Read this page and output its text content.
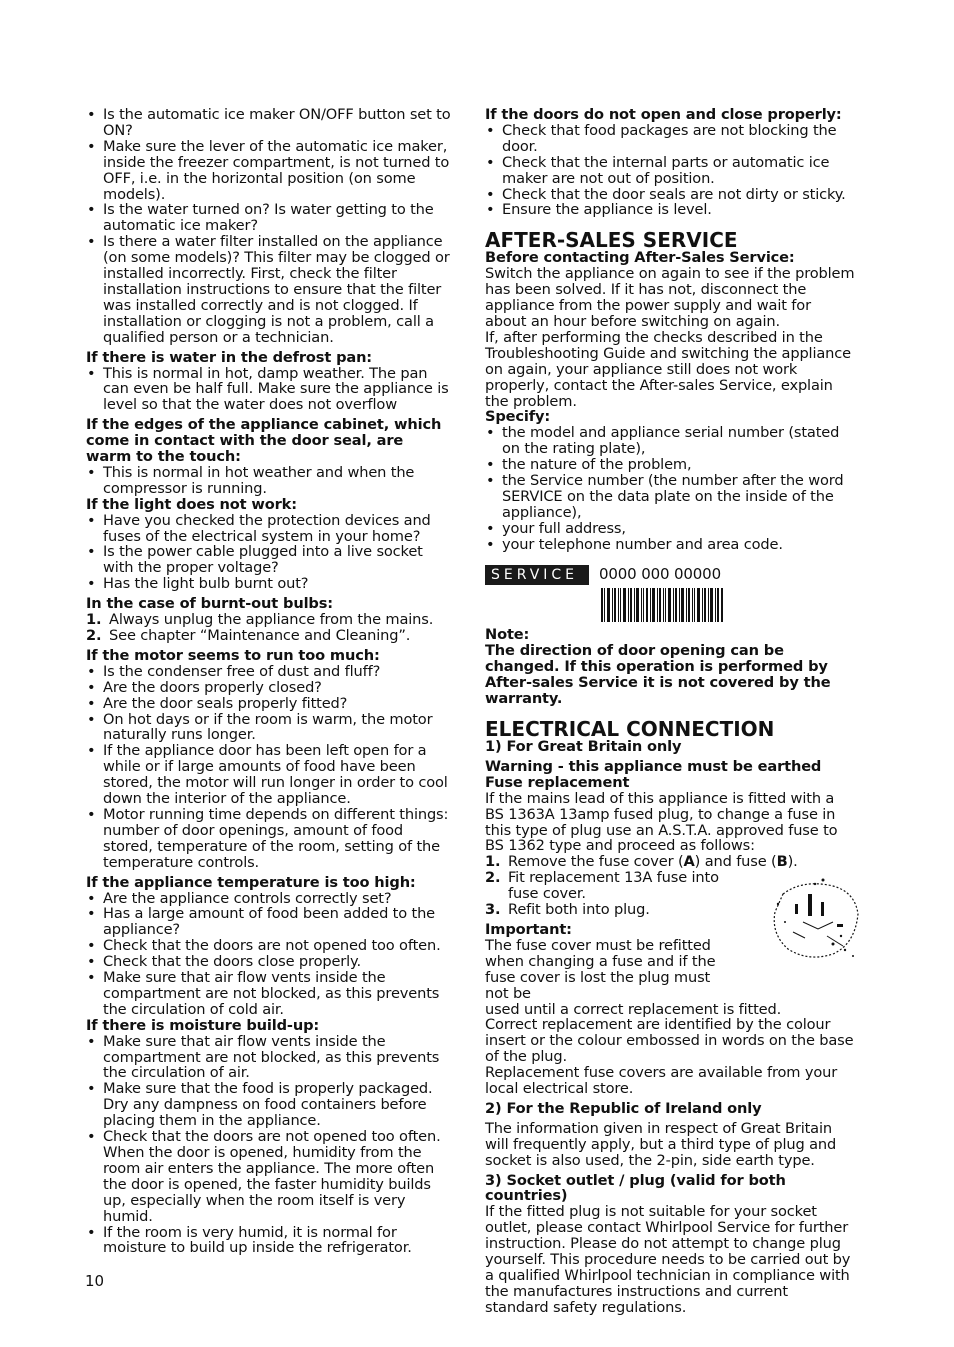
• Is the automatic ice maker ON/OFF button set to ON?
• Make sure the lever of the automatic ice maker, inside the freezer compartment, is not turned to OFF, i.e. in the horizontal position (on some models).
• Is the water turned on? Is water getting to the automatic ice maker?
• Is there a water filter installed on the appliance (on some models)? This filter may be clogged or installed incorrectly. First, check the filter installation instructions to ensure that the filter was installed correctly and is not clogged. If installation or clogging is not a problem, call a qualified person or a technician.

If there is water in the defrost pan:

• This is normal in hot, damp weather. The pan can even be half full. Make sure the appliance is level so that the water does not overflow

If the edges of the appliance cabinet, which come in contact with the door seal, are warm to the touch:

• This is normal in hot weather and when the compressor is running.

If the light does not work:

• Have you checked the protection devices and fuses of the electrical system in your home?
• Is the power cable plugged into a live socket with the proper voltage?
• Has the light bulb burnt out?

In the case of burnt-out bulbs:

1. Always unplug the appliance from the mains.
2. See chapter “Maintenance and Cleaning”.

If the motor seems to run too much:

• Is the condenser free of dust and fluff?
• Are the doors properly closed?
• Are the door seals properly fitted?
• On hot days or if the room is warm, the motor naturally runs longer.
• If the appliance door has been left open for a while or if large amounts of food have been stored, the motor will run longer in order to cool down the interior of the appliance.
• Motor running time depends on different things: number of door openings, amount of food stored, temperature of the room, setting of the temperature controls.

If the appliance temperature is too high:

• Are the appliance controls correctly set?
• Has a large amount of food been added to the appliance?
• Check that the doors are not opened too often.
• Check that the doors close properly.
• Make sure that air flow vents inside the compartment are not blocked, as this prevents the circulation of cold air.

If there is moisture build-up:

• Make sure that air flow vents inside the compartment are not blocked, as this prevents the circulation of air.
• Make sure that the food is properly packaged. Dry any dampness on food containers before placing them in the appliance.
• Check that the doors are not opened too often. When the door is opened, humidity from the room air enters the appliance. The more often the door is opened, the faster humidity builds up, especially when the room itself is very humid.
• If the room is very humid, it is normal for moisture to build up inside the refrigerator.

If the doors do not open and close properly:

• Check that food packages are not blocking the door.
• Check that the internal parts or automatic ice maker are not out of position.
• Check that the door seals are not dirty or sticky.
• Ensure the appliance is level.
AFTER-SALES SERVICE

Before contacting After-Sales Service:

Switch the appliance on again to see if the problem has been solved. If it has not, disconnect the appliance from the power supply and wait for about an hour before switching on again.

If, after performing the checks described in the Troubleshooting Guide and switching the appliance on again, your appliance still does not work properly, contact the After-sales Service, explain the problem.

Specify:

• the model and appliance serial number (stated on the rating plate),
• the nature of the problem,
• the Service number (the number after the word SERVICE on the data plate on the inside of the appliance),
• your full address,
• your telephone number and area code.
SERVICE	0000 000 00000

Note:

The direction of door opening can be changed. If this operation is performed by After-sales Service it is not covered by the warranty.

ELECTRICAL CONNECTION

1) For Great Britain only

Warning - this appliance must be earthed

Fuse replacement

If the mains lead of this appliance is fitted with a BS 1363A 13amp fused plug, to change a fuse in this type of plug use an A.S.T.A. approved fuse to BS 1362 type and proceed as follows:

1. Remove the fuse cover (A) and fuse (B).
2. Fit replacement 13A fuse into fuse cover.
3. Refit both into plug.

Important:

The fuse cover must be refitted when changing a fuse and if the fuse cover is lost the plug must not be

used until a correct replacement is fitted.

Correct replacement are identified by the colour insert or the colour embossed in words on the base of the plug.

Replacement fuse covers are available from your local electrical store.

2) For the Republic of Ireland only

The information given in respect of Great Britain will frequently apply, but a third type of plug and socket is also used, the 2-pin, side earth type.

3) Socket outlet / plug (valid for both countries)

If the fitted plug is not suitable for your socket outlet, please contact Whirlpool Service for further instruction. Please do not attempt to change plug yourself. This procedure needs to be carried out by a qualified Whirlpool technician in compliance with the manufactures instructions and current standard safety regulations.

10
